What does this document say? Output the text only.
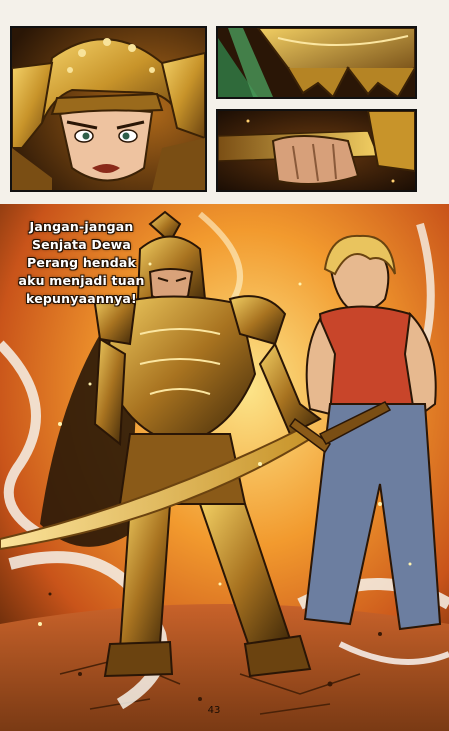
Jangan-jangan Senjata Dewa Perang hendak aku menjadi tuan kepunyaannya!

43
